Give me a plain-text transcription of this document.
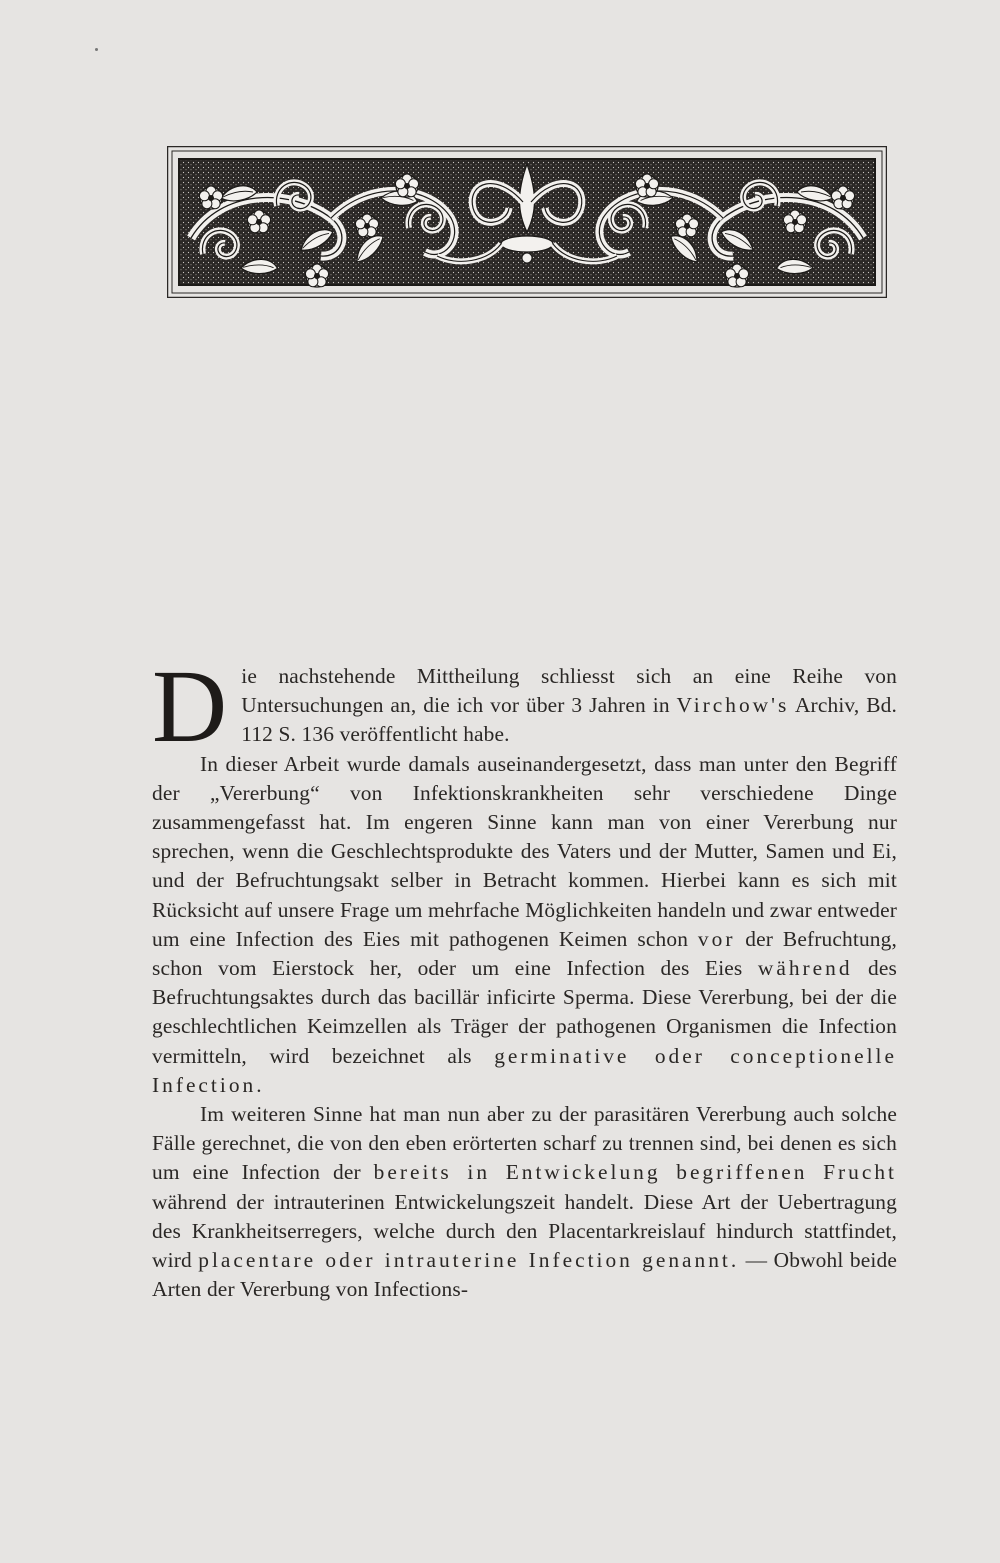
Die nachstehende Mittheilung schliesst sich an eine Reihe von Untersuchungen an, die ich vor über 3 Jahren in Virchow's Archiv, Bd. 112 S. 136 veröffentlicht habe.

In dieser Arbeit wurde damals auseinandergesetzt, dass man unter den Begriff der „Vererbung“ von Infektionskrankheiten sehr verschiedene Dinge zusammengefasst hat. Im engeren Sinne kann man von einer Vererbung nur sprechen, wenn die Geschlechtsprodukte des Vaters und der Mutter, Samen und Ei, und der Befruchtungsakt selber in Betracht kommen. Hierbei kann es sich mit Rücksicht auf unsere Frage um mehrfache Möglichkeiten handeln und zwar entweder um eine Infection des Eies mit pathogenen Keimen schon vor der Befruchtung, schon vom Eierstock her, oder um eine Infection des Eies während des Befruchtungsaktes durch das bacillär inficirte Sperma. Diese Vererbung, bei der die geschlechtlichen Keimzellen als Träger der pathogenen Organismen die Infection vermitteln, wird bezeichnet als germinative oder conceptionelle Infection.

Im weiteren Sinne hat man nun aber zu der parasitären Vererbung auch solche Fälle gerechnet, die von den eben erörterten scharf zu trennen sind, bei denen es sich um eine Infection der bereits in Entwickelung begriffenen Frucht während der intrauterinen Entwickelungszeit handelt. Diese Art der Uebertragung des Krankheitserregers, welche durch den Placentarkreislauf hindurch stattfindet, wird placentare oder intrauterine Infection genannt. — Obwohl beide Arten der Vererbung von Infections-
